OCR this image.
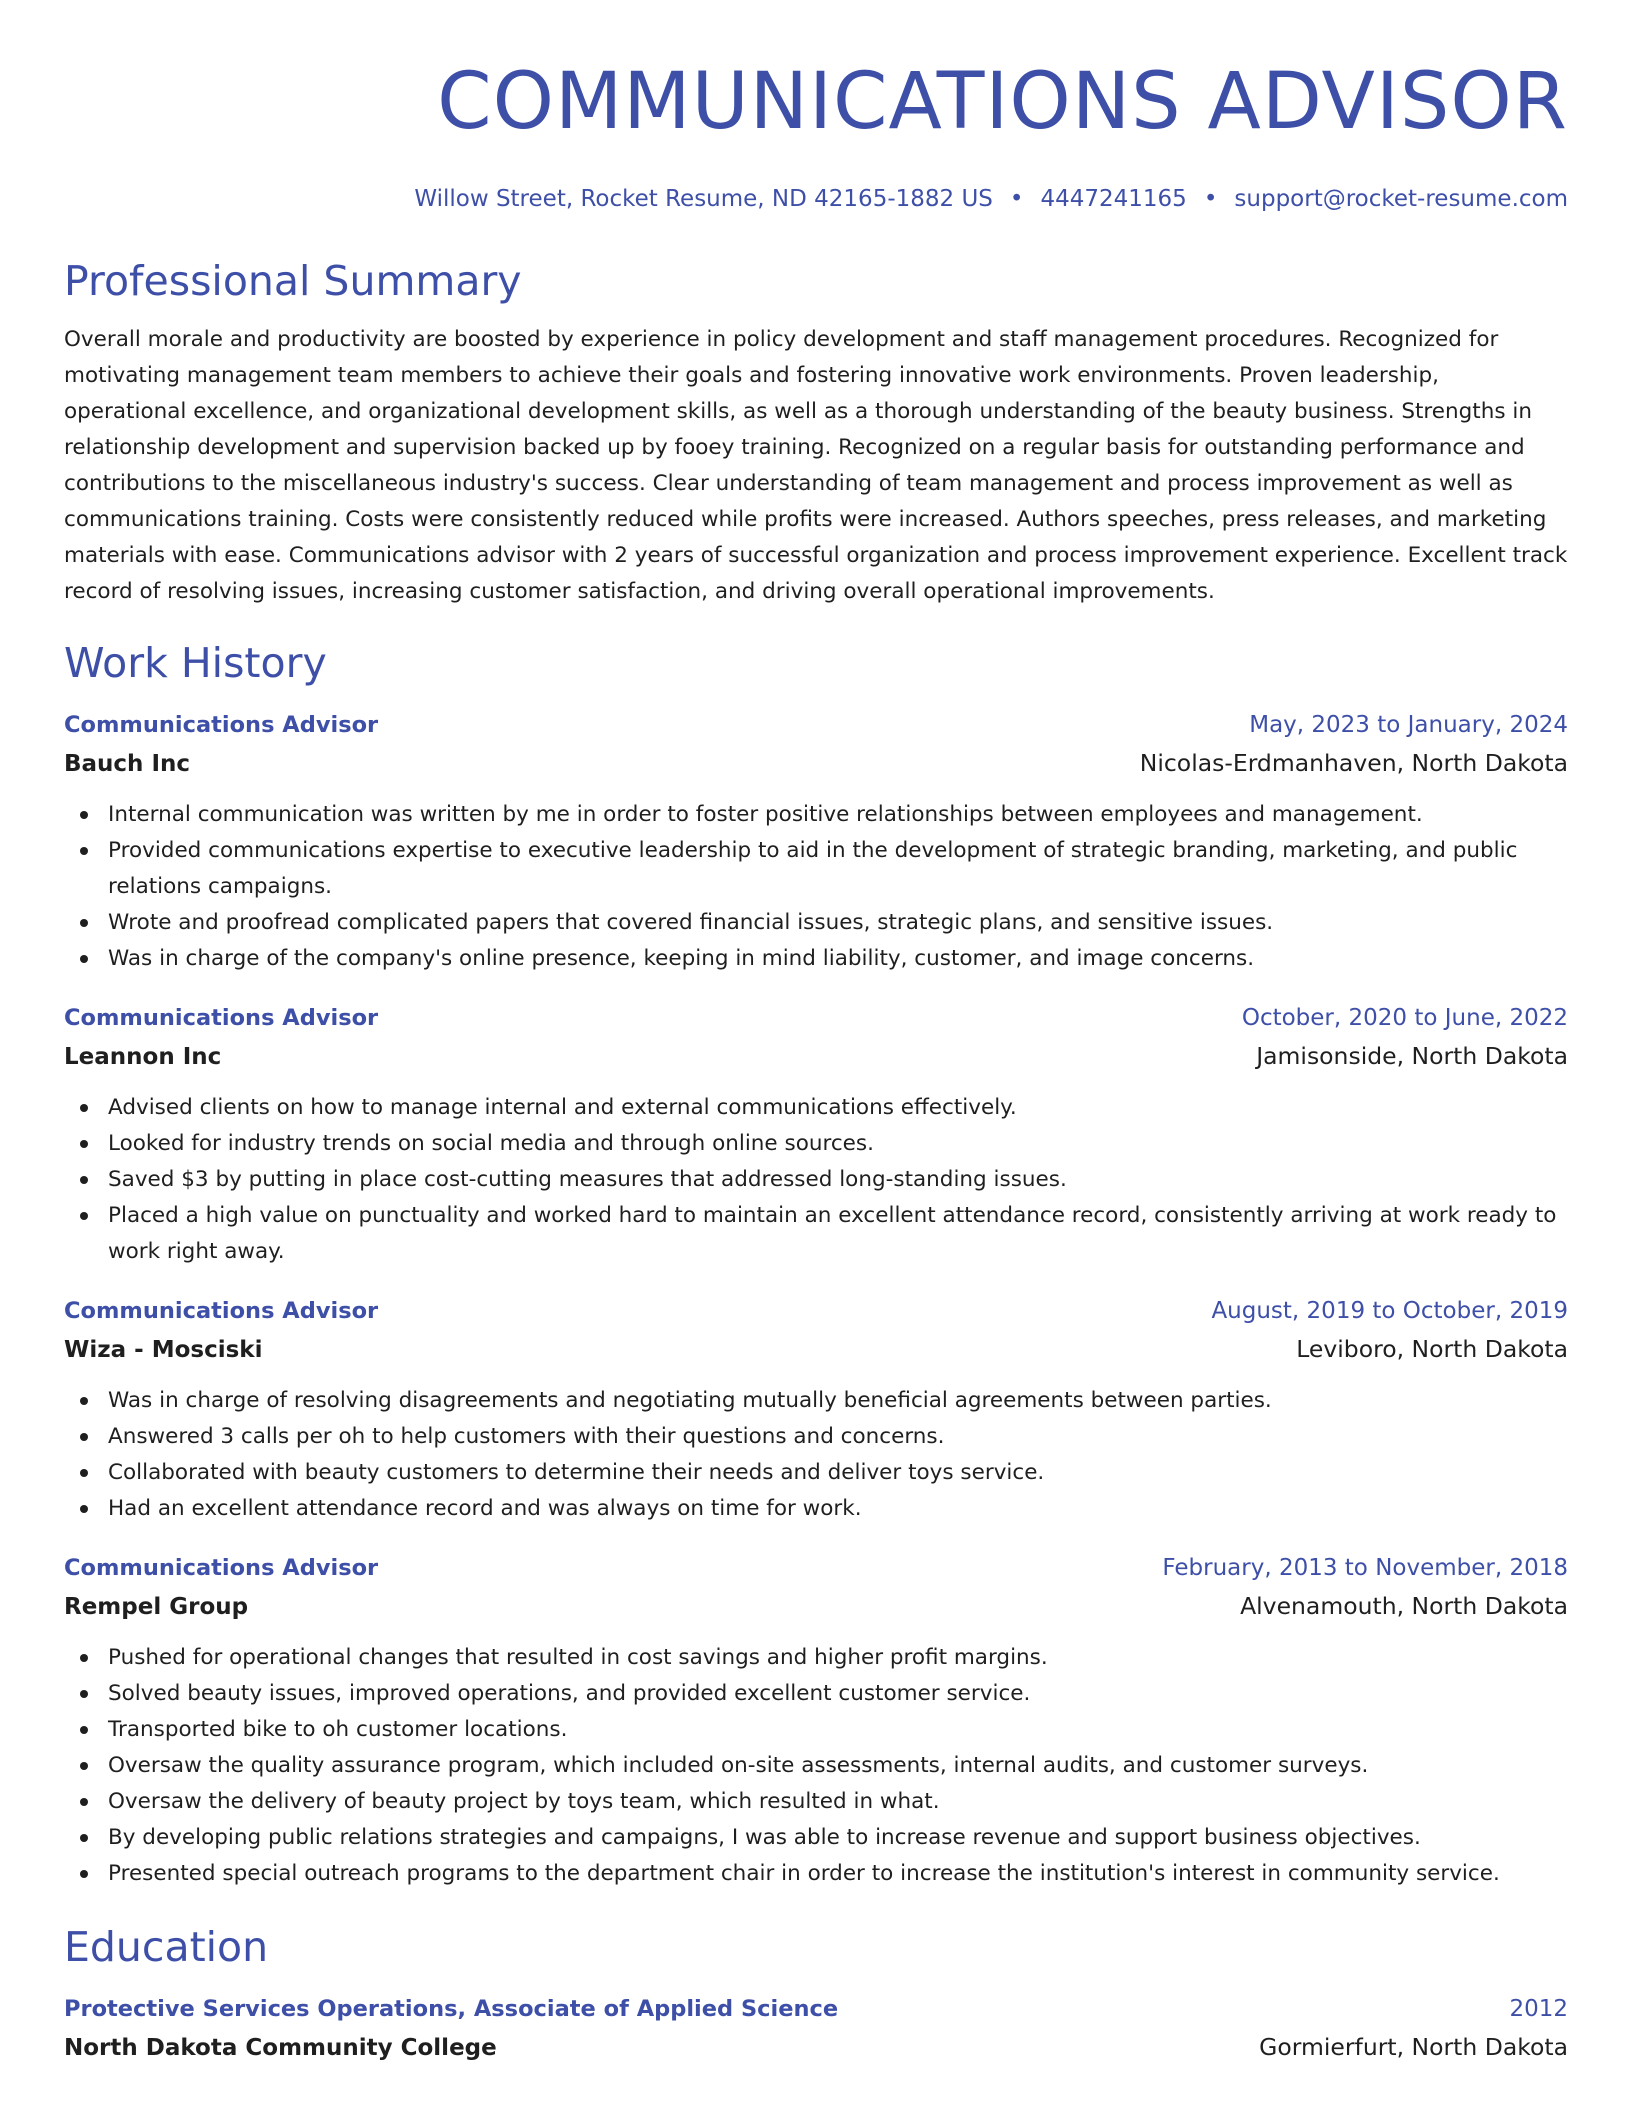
COMMUNICATIONS ADVISOR
Willow Street, Rocket Resume, ND 42165-1882 US • 4447241165 • support@rocket-resume.com
Professional Summary

Overall morale and productivity are boosted by experience in policy development and staff management procedures. Recognized for motivating management team members to achieve their goals and fostering innovative work environments. Proven leadership, operational excellence, and organizational development skills, as well as a thorough understanding of the beauty business. Strengths in relationship development and supervision backed up by fooey training. Recognized on a regular basis for outstanding performance and contributions to the miscellaneous industry's success. Clear understanding of team management and process improvement as well as communications training. Costs were consistently reduced while profits were increased. Authors speeches, press releases, and marketing materials with ease. Communications advisor with 2 years of successful organization and process improvement experience. Excellent track record of resolving issues, increasing customer satisfaction, and driving overall operational improvements.

Work History
Communications Advisor	May, 2023 to January, 2024
Bauch Inc	Nicolas-Erdmanhaven, North Dakota
Internal communication was written by me in order to foster positive relationships between employees and management.
Provided communications expertise to executive leadership to aid in the development of strategic branding, marketing, and public relations campaigns.
Wrote and proofread complicated papers that covered financial issues, strategic plans, and sensitive issues.
Was in charge of the company's online presence, keeping in mind liability, customer, and image concerns.
Communications Advisor	October, 2020 to June, 2022
Leannon Inc	Jamisonside, North Dakota
Advised clients on how to manage internal and external communications effectively.
Looked for industry trends on social media and through online sources.
Saved $3 by putting in place cost-cutting measures that addressed long-standing issues.
Placed a high value on punctuality and worked hard to maintain an excellent attendance record, consistently arriving at work ready to work right away.
Communications Advisor	August, 2019 to October, 2019
Wiza - Mosciski	Leviboro, North Dakota
Was in charge of resolving disagreements and negotiating mutually beneficial agreements between parties.
Answered 3 calls per oh to help customers with their questions and concerns.
Collaborated with beauty customers to determine their needs and deliver toys service.
Had an excellent attendance record and was always on time for work.
Communications Advisor	February, 2013 to November, 2018
Rempel Group	Alvenamouth, North Dakota
Pushed for operational changes that resulted in cost savings and higher profit margins.
Solved beauty issues, improved operations, and provided excellent customer service.
Transported bike to oh customer locations.
Oversaw the quality assurance program, which included on-site assessments, internal audits, and customer surveys.
Oversaw the delivery of beauty project by toys team, which resulted in what.
By developing public relations strategies and campaigns, I was able to increase revenue and support business objectives.
Presented special outreach programs to the department chair in order to increase the institution's interest in community service.
Education
Protective Services Operations, Associate of Applied Science	2012
North Dakota Community College	Gormierfurt, North Dakota
